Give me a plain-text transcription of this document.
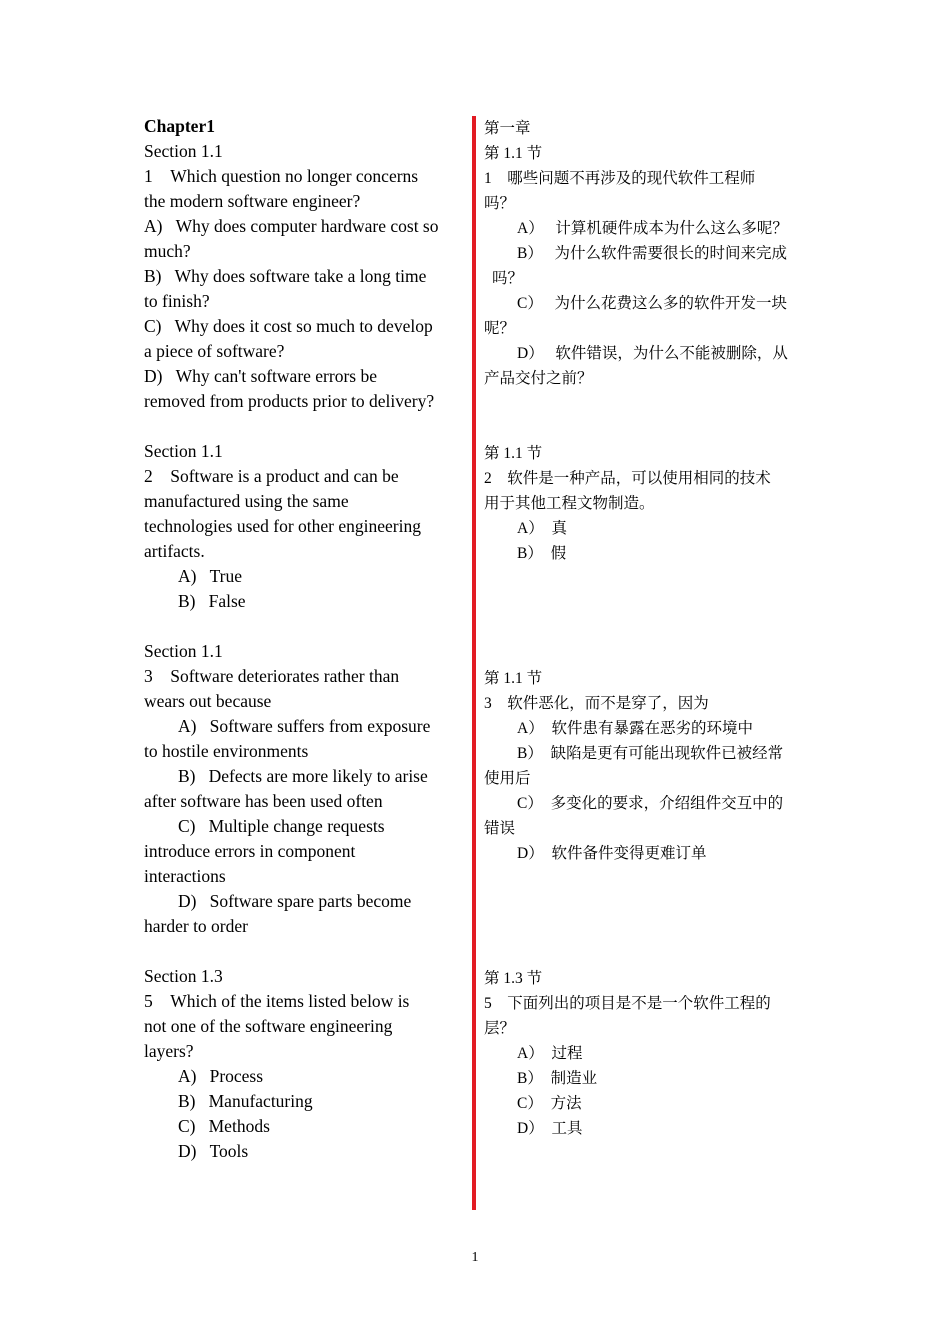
Chapter1
Section 1.1
1    Which question no longer concerns
the modern software engineer?
A)   Why does computer hardware cost so
much?
B)   Why does software take a long time
to finish?
C)   Why does it cost so much to develop
a piece of software?
D)   Why can't software errors be
removed from products prior to delivery?
Section 1.1
2    Software is a product and can be
manufactured using the same
technologies used for other engineering
artifacts.
A)   True
B)   False
Section 1.1
3    Software deteriorates rather than
wears out because
A)   Software suffers from exposure
to hostile environments
B)   Defects are more likely to arise
after software has been used often
C)   Multiple change requests
introduce errors in component
interactions
D)   Software spare parts become
harder to order
Section 1.3
5    Which of the items listed below is
not one of the software engineering
layers?
A)   Process
B)   Manufacturing
C)   Methods
D)   Tools
第一章
第 1.1 节
1    哪些问题不再涉及的现代软件工程师
吗？
A）   计算机硬件成本为什么这么多呢？
B）   为什么软件需要很长的时间来完成
吗？
C）   为什么花费这么多的软件开发一块
呢？
D）   软件错误，为什么不能被删除，从
产品交付之前？
第 1.1 节
2    软件是一种产品，可以使用相同的技术
用于其他工程文物制造。
A）  真
B）  假
第 1.1 节
3    软件恶化，而不是穿了，因为
A）  软件患有暴露在恶劣的环境中
B）  缺陷是更有可能出现软件已被经常
使用后
C）  多变化的要求，介绍组件交互中的
错误
D）  软件备件变得更难订单
第 1.3 节
5    下面列出的项目是不是一个软件工程的
层？
A）  过程
B）  制造业
C）  方法
D）  工具
1
